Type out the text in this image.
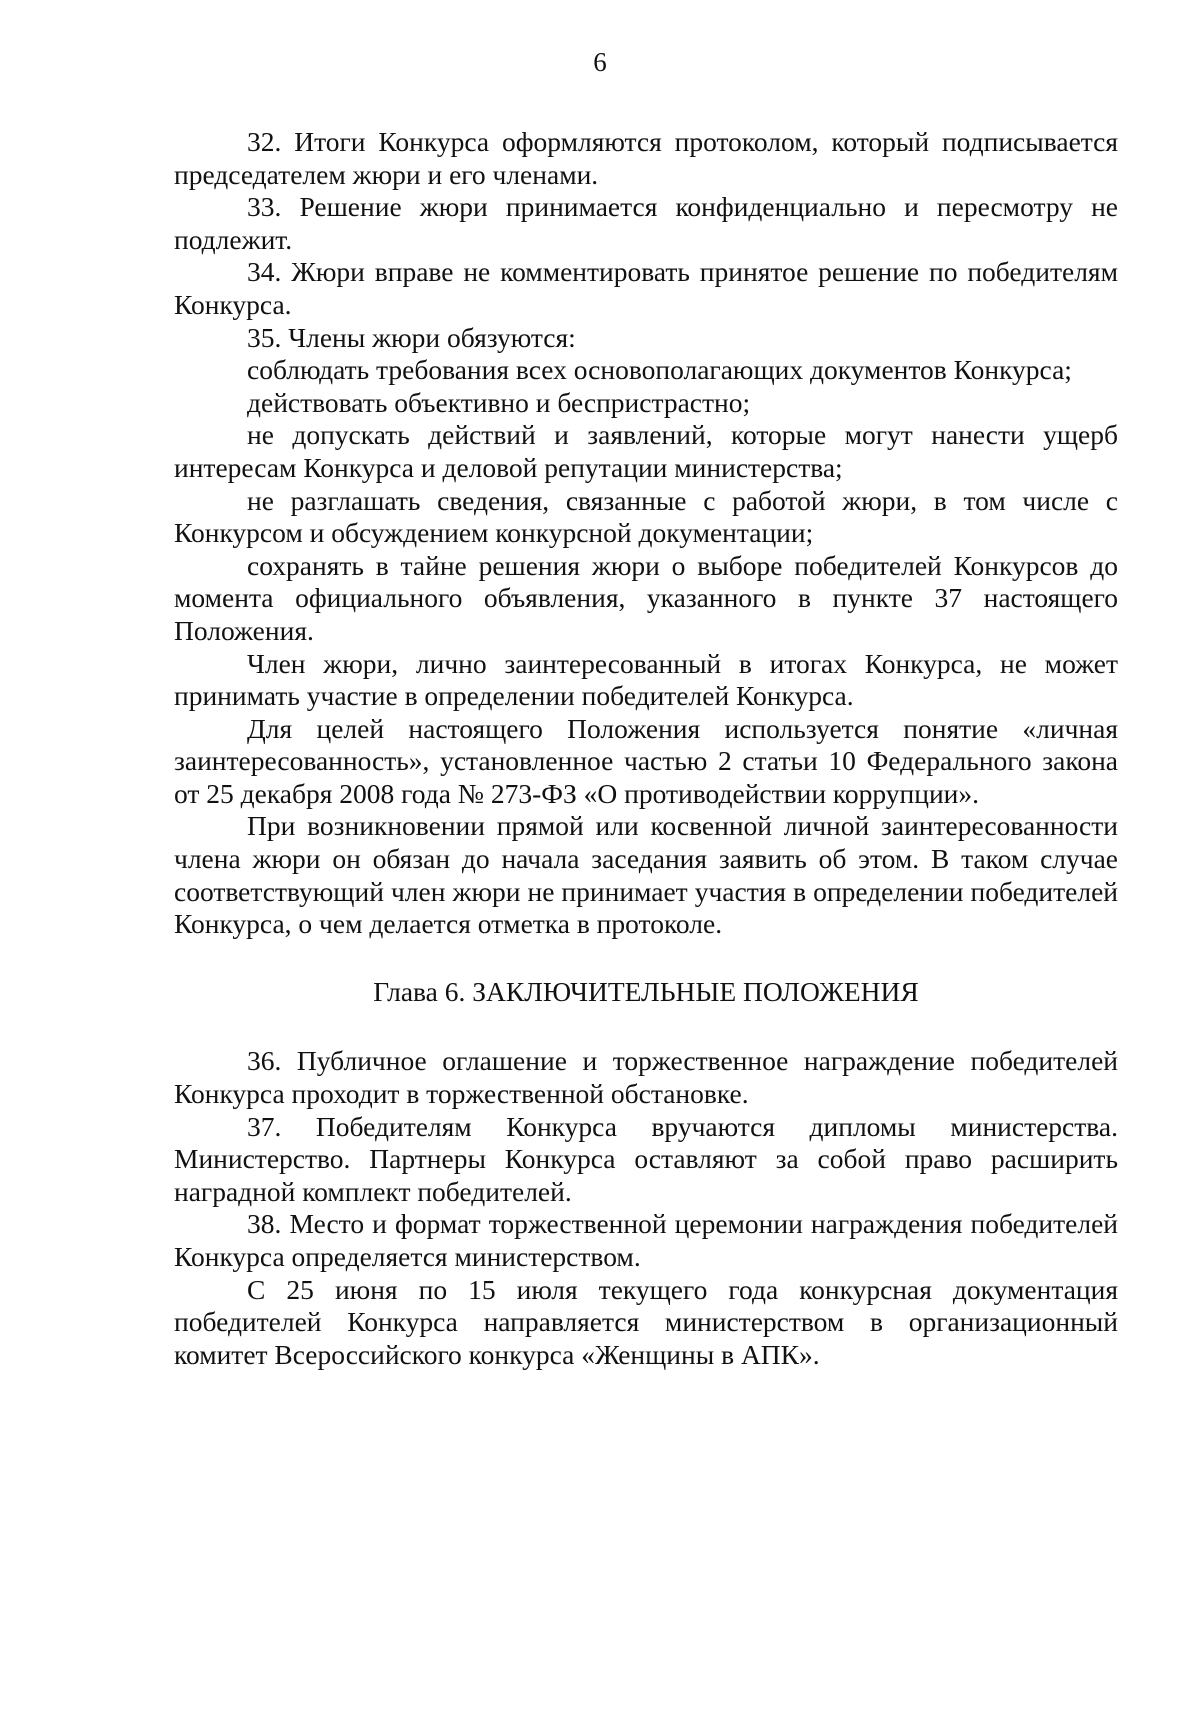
6

32. Итоги Конкурса оформляются протоколом, который подписывается председателем жюри и его членами.

33. Решение жюри принимается конфиденциально и пересмотру не подлежит.

34. Жюри вправе не комментировать принятое решение по победителям Конкурса.

35. Члены жюри обязуются:

соблюдать требования всех основополагающих документов Конкурса;

действовать объективно и беспристрастно;

не допускать действий и заявлений, которые могут нанести ущерб интересам Конкурса и деловой репутации министерства;

не разглашать сведения, связанные с работой жюри, в том числе с Конкурсом и обсуждением конкурсной документации;

сохранять в тайне решения жюри о выборе победителей Конкурсов до момента официального объявления, указанного в пункте 37 настоящего Положения.

Член жюри, лично заинтересованный в итогах Конкурса, не может принимать участие в определении победителей Конкурса.

Для целей настоящего Положения используется понятие «личная заинтересованность», установленное частью 2 статьи 10 Федерального закона от 25 декабря 2008 года № 273-ФЗ «О противодействии коррупции».

При возникновении прямой или косвенной личной заинтересованности члена жюри он обязан до начала заседания заявить об этом. В таком случае соответствующий член жюри не принимает участия в определении победителей Конкурса, о чем делается отметка в протоколе.

Глава 6. ЗАКЛЮЧИТЕЛЬНЫЕ ПОЛОЖЕНИЯ

36. Публичное оглашение и торжественное награждение победителей Конкурса проходит в торжественной обстановке.

37. Победителям Конкурса вручаются дипломы министерства. Министерство. Партнеры Конкурса оставляют за собой право расширить наградной комплект победителей.

38. Место и формат торжественной церемонии награждения победителей Конкурса определяется министерством.

С 25 июня по 15 июля текущего года конкурсная документация победителей Конкурса направляется министерством в организационный комитет Всероссийского конкурса «Женщины в АПК».
